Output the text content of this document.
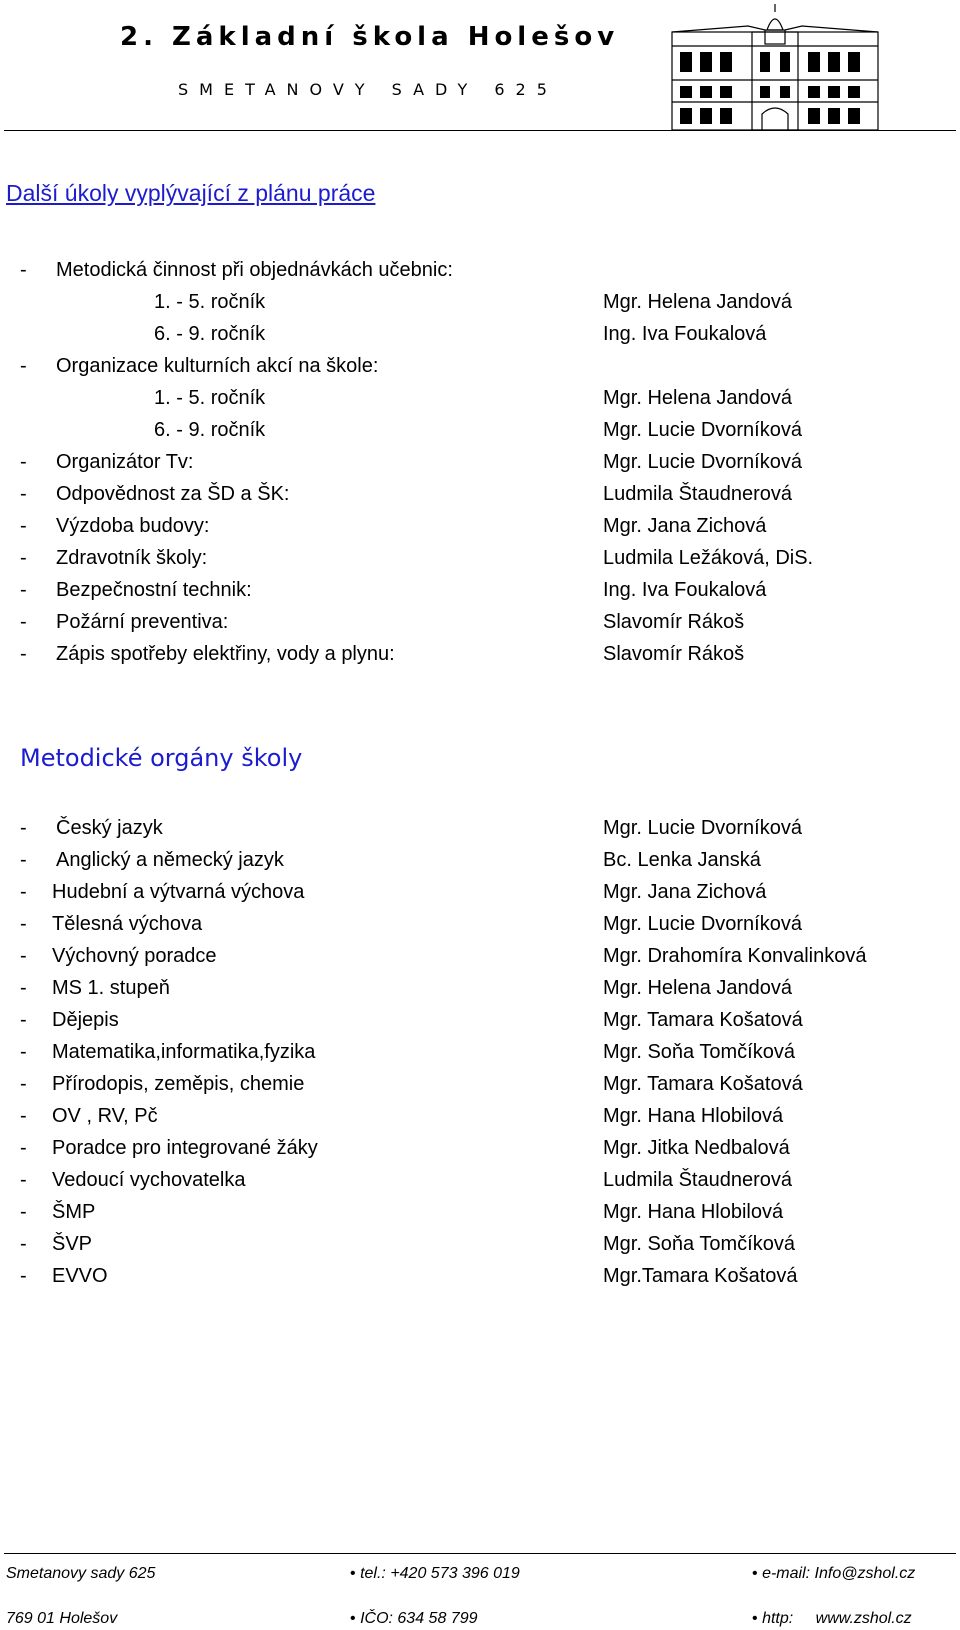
2. Základní škola Holešov
SMETANOVY SADY 625
Další úkoly vyplývající z plánu práce
- Metodická činnost při objednávkách učebnic:
1. - 5. ročník	Mgr. Helena Jandová
6. - 9. ročník	Ing. Iva Foukalová
- Organizace kulturních akcí na škole:
1. - 5. ročník	Mgr. Helena Jandová
6. - 9. ročník	Mgr. Lucie Dvorníková
- Organizátor Tv:	Mgr. Lucie Dvorníková
- Odpovědnost za ŠD a ŠK:	Ludmila Štaudnerová
- Výzdoba budovy:	Mgr. Jana Zichová
- Zdravotník školy:	Ludmila Ležáková, DiS.
- Bezpečnostní technik:	Ing. Iva Foukalová
- Požární preventiva:	Slavomír Rákoš
- Zápis spotřeby elektřiny, vody a plynu:	Slavomír Rákoš
Metodické orgány školy
- Český jazyk	Mgr. Lucie Dvorníková
- Anglický a německý jazyk	Bc. Lenka Janská
- Hudební a výtvarná výchova	Mgr. Jana Zichová
- Tělesná výchova	Mgr. Lucie Dvorníková
- Výchovný poradce	Mgr. Drahomíra Konvalinková
- MS 1. stupeň	Mgr. Helena Jandová
- Dějepis	Mgr. Tamara Košatová
- Matematika,informatika,fyzika	Mgr. Soňa Tomčíková
- Přírodopis, zeměpis, chemie	Mgr. Tamara Košatová
- OV , RV, Pč	Mgr. Hana Hlobilová
- Poradce pro integrované žáky	Mgr. Jitka Nedbalová
- Vedoucí vychovatelka	Ludmila Štaudnerová
- ŠMP	Mgr. Hana Hlobilová
- ŠVP	Mgr. Soňa Tomčíková
- EVVO	Mgr.Tamara Košatová
Smetanovy sady 625
769 01 Holešov
• tel.: +420 573 396 019
• IČO: 634 58 799
• e-mail: Info@zshol.cz
• http: www.zshol.cz
